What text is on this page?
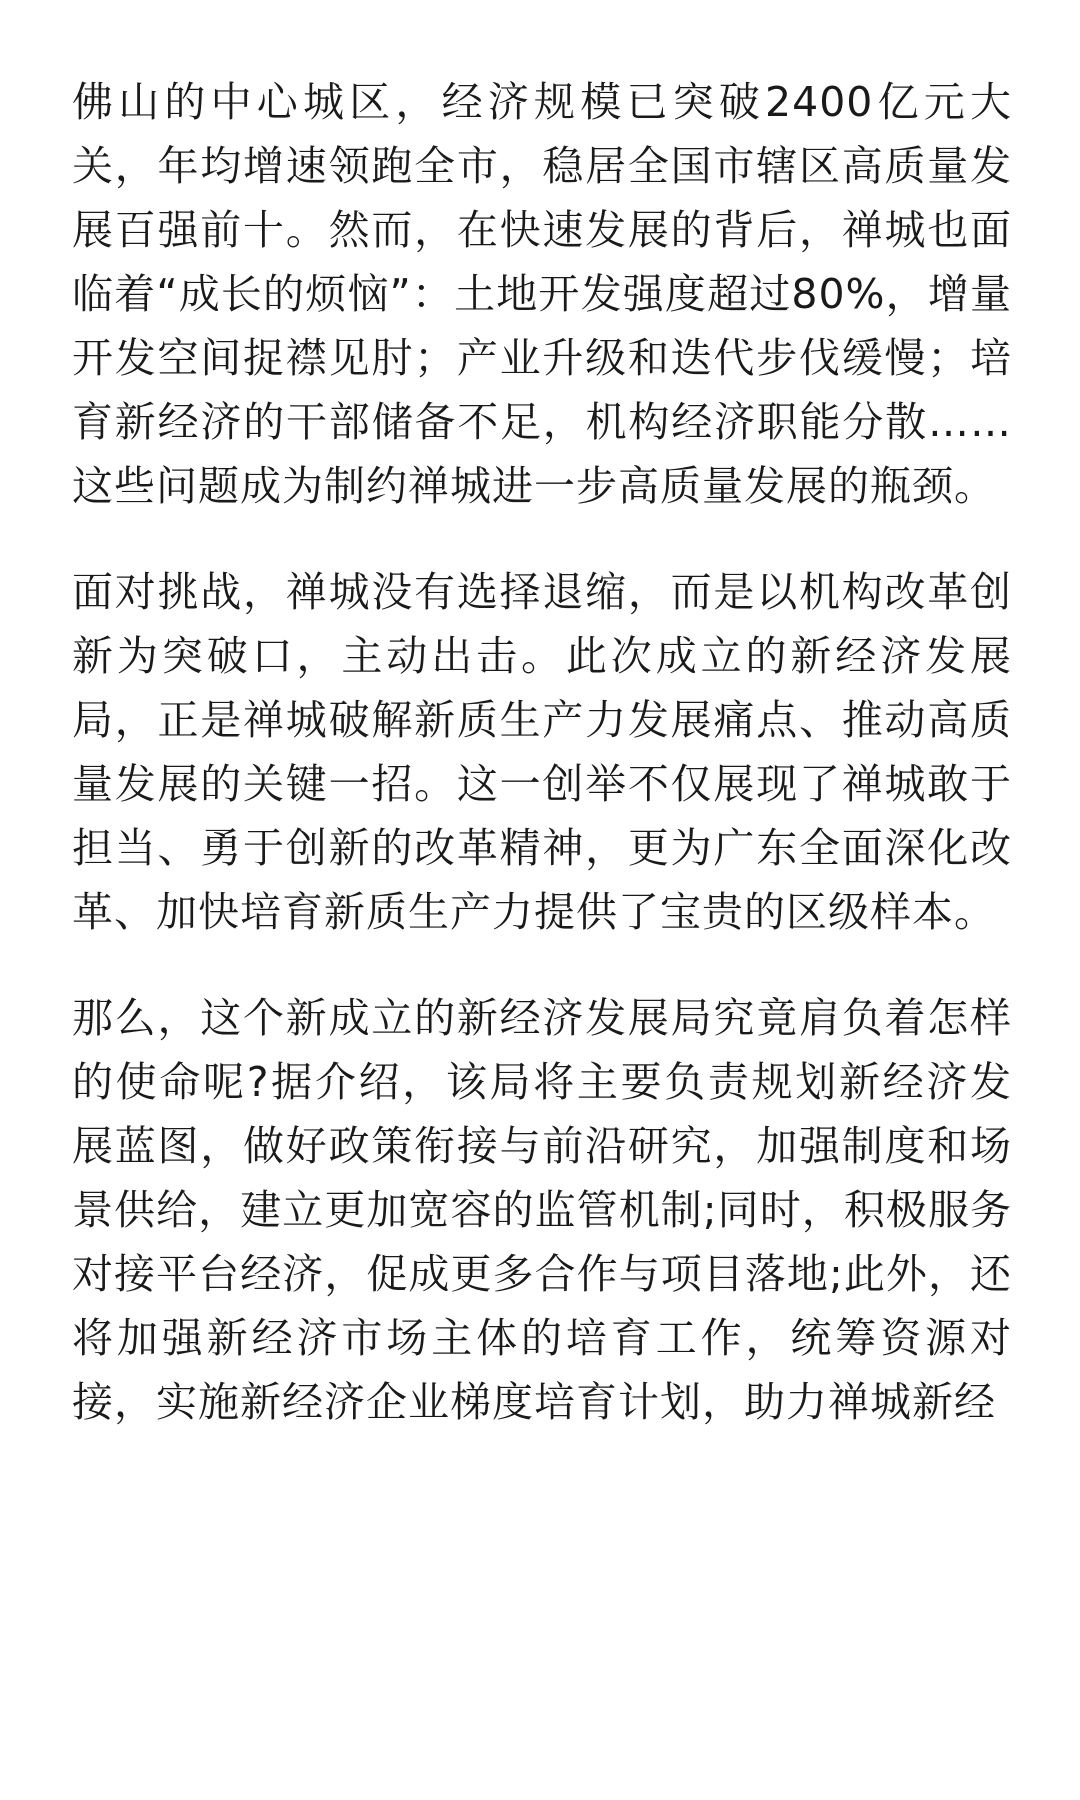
佛山的中心城区，经济规模已突破2400亿元大关，年均增速领跑全市，稳居全国市辖区高质量发展百强前十。然而，在快速发展的背后，禅城也面临着“成长的烦恼”：土地开发强度超过80%，增量开发空间捉襟见肘；产业升级和迭代步伐缓慢；培育新经济的干部储备不足，机构经济职能分散……这些问题成为制约禅城进一步高质量发展的瓶颈。

面对挑战，禅城没有选择退缩，而是以机构改革创新为突破口，主动出击。此次成立的新经济发展局，正是禅城破解新质生产力发展痛点、推动高质量发展的关键一招。这一创举不仅展现了禅城敢于担当、勇于创新的改革精神，更为广东全面深化改革、加快培育新质生产力提供了宝贵的区级样本。

那么，这个新成立的新经济发展局究竟肩负着怎样的使命呢?据介绍，该局将主要负责规划新经济发展蓝图，做好政策衔接与前沿研究，加强制度和场景供给，建立更加宽容的监管机制;同时，积极服务对接平台经济，促成更多合作与项目落地;此外，还将加强新经济市场主体的培育工作，统筹资源对接，实施新经济企业梯度培育计划，助力禅城新经
